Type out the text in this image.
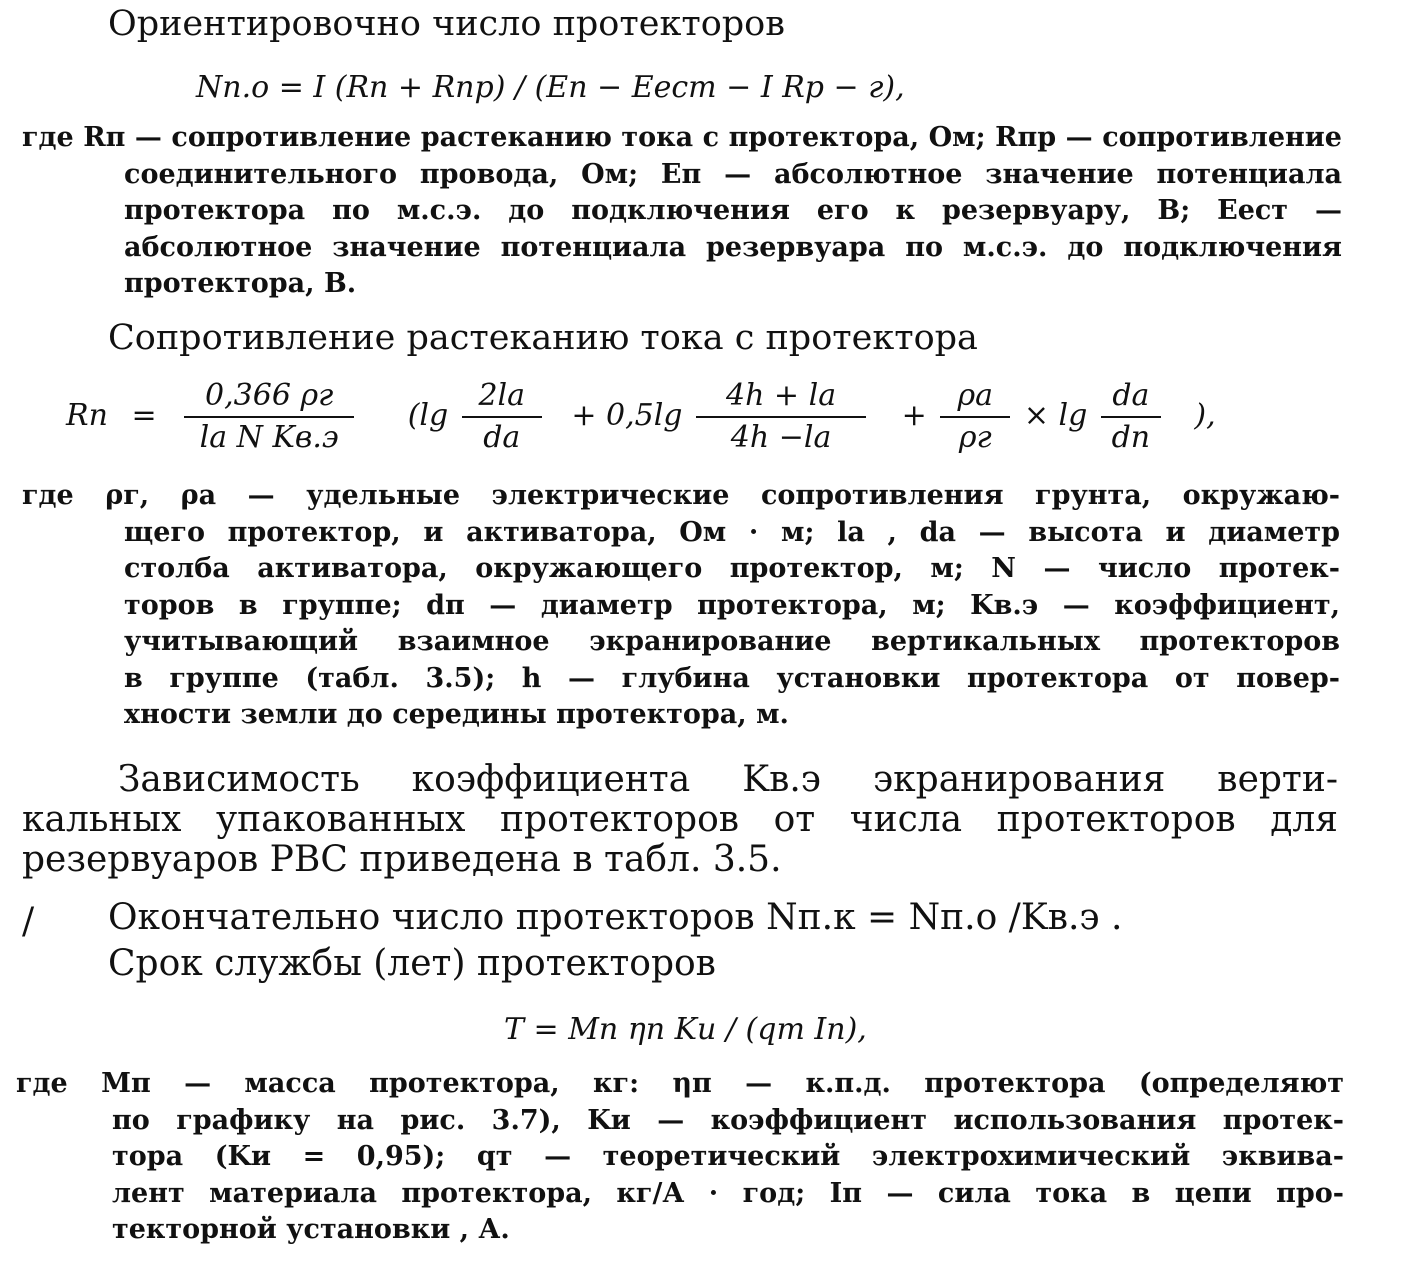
Ориентировочно число протекторов
Nп.о = I (Rп + Rпр) / (Eп − Eест − I Rр − г),
где Rп — сопротивление растеканию тока с протектора, Ом; Rпр — сопротивление соединительного провода, Ом; Eп — абсолютное значение потенциала протектора по м.с.э. до подключения его к резервуару, В; Eест — абсолютное значение потенциала резервуара по м.с.э. до подключения протектора, В.
Сопротивление растеканию тока с протектора
Rп = $\frac{0,366 \rho г}{\text{lа N Kв.э}} (\lg \frac{2lа}{dа} + 0,5\lg \frac{4h + lа}{4h -lа} + \frac{\rho а}{\rho г} \times \lg \frac{dа}{dп}$ ),
где ρг, ρа — удельные электрические сопротивления грунта, окружаю-
щего протектор, и активатора, Ом · м; lа , dа — высота и диаметр
столба активатора, окружающего протектор, м; N — число протек-
торов в группе; dп — диаметр протектора, м; Kв.э — коэффициент,
учитывающий взаимное экранирование вертикальных протекторов
в группе (табл. 3.5); h — глубина установки протектора от повер-
хности земли до середины протектора, м.
Зависимость коэффициента Kв.э экранирования верти-
кальных упакованных протекторов от числа протекторов для
резервуаров РВС приведена в табл. 3.5.
/ Окончательно число протекторов Nп.к = Nп.о /Kв.э .
Срок службы (лет) протекторов
T = Mп ηп Kи / (qт Iп),
где Mп — масса протектора, кг: ηп — к.п.д. протектора (определяют
по графику на рис. 3.7), Kи — коэффициент использования протек-
тора (Kи = 0,95); qт — теоретический электрохимический эквива-
лент материала протектора, кг/А · год; Iп — сила тока в цепи про-
текторной установки , А.
